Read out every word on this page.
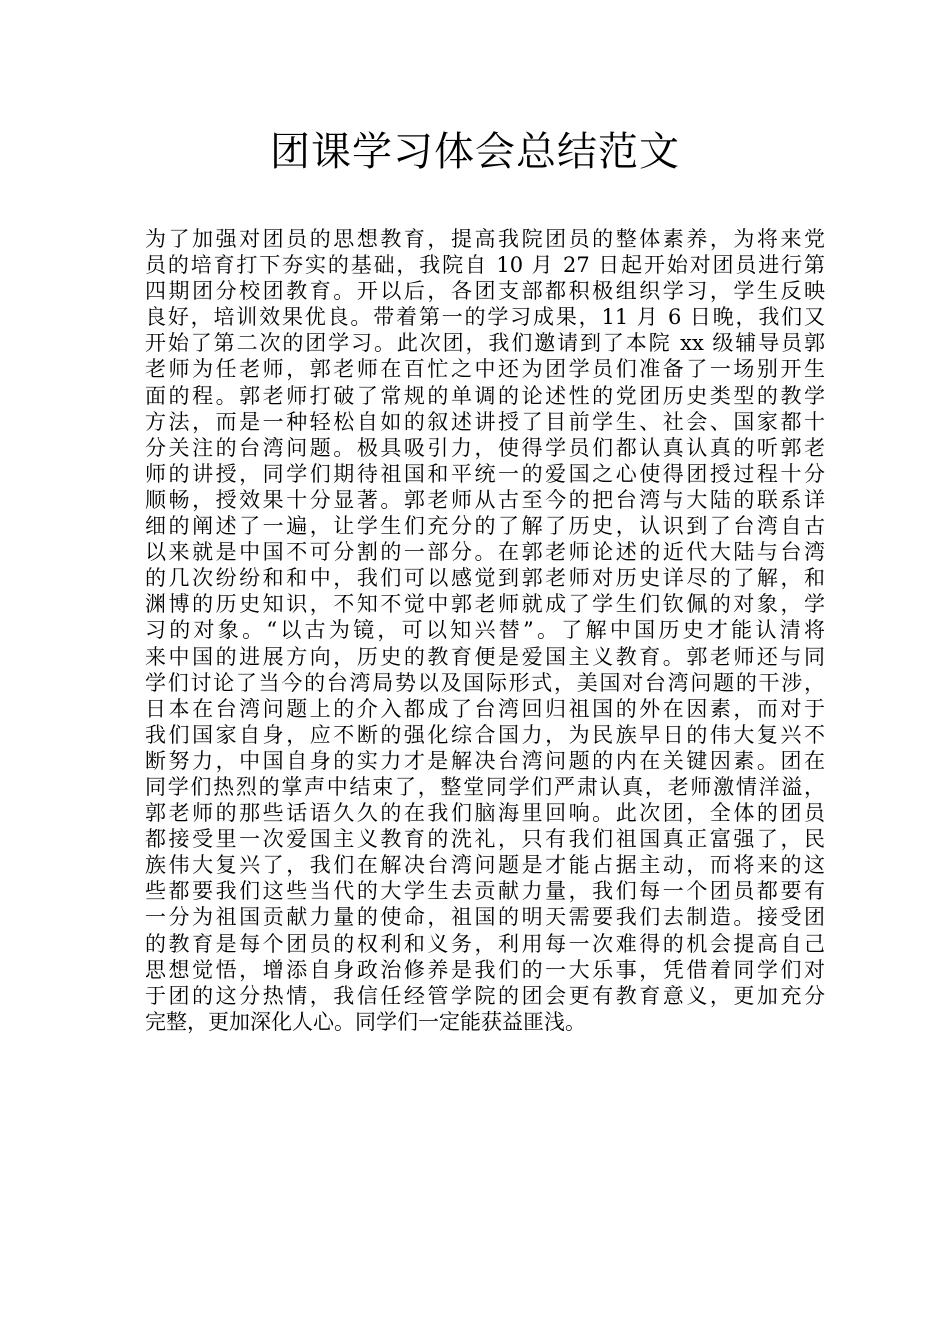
团课学习体会总结范文
为了加强对团员的思想教育，提高我院团员的整体素养，为将来党
员的培育打下夯实的基础，我院自 10 月 27 日起开始对团员进行第
四期团分校团教育。开以后，各团支部都积极组织学习，学生反映
良好，培训效果优良。带着第一的学习成果，11 月 6 日晚，我们又
开始了第二次的团学习。此次团，我们邀请到了本院 xx 级辅导员郭
老师为任老师，郭老师在百忙之中还为团学员们准备了一场别开生
面的程。郭老师打破了常规的单调的论述性的党团历史类型的教学
方法，而是一种轻松自如的叙述讲授了目前学生、社会、国家都十
分关注的台湾问题。极具吸引力，使得学员们都认真认真的听郭老
师的讲授，同学们期待祖国和平统一的爱国之心使得团授过程十分
顺畅，授效果十分显著。郭老师从古至今的把台湾与大陆的联系详
细的阐述了一遍，让学生们充分的了解了历史，认识到了台湾自古
以来就是中国不可分割的一部分。在郭老师论述的近代大陆与台湾
的几次纷纷和和中，我们可以感觉到郭老师对历史详尽的了解，和
渊博的历史知识，不知不觉中郭老师就成了学生们钦佩的对象，学
习的对象。“以古为镜，可以知兴替”。了解中国历史才能认清将
来中国的进展方向，历史的教育便是爱国主义教育。郭老师还与同
学们讨论了当今的台湾局势以及国际形式，美国对台湾问题的干涉，
日本在台湾问题上的介入都成了台湾回归祖国的外在因素，而对于
我们国家自身，应不断的强化综合国力，为民族早日的伟大复兴不
断努力，中国自身的实力才是解决台湾问题的内在关键因素。团在
同学们热烈的掌声中结束了，整堂同学们严肃认真，老师激情洋溢，
郭老师的那些话语久久的在我们脑海里回响。此次团，全体的团员
都接受里一次爱国主义教育的洗礼，只有我们祖国真正富强了，民
族伟大复兴了，我们在解决台湾问题是才能占据主动，而将来的这
些都要我们这些当代的大学生去贡献力量，我们每一个团员都要有
一分为祖国贡献力量的使命，祖国的明天需要我们去制造。接受团
的教育是每个团员的权利和义务，利用每一次难得的机会提高自己
思想觉悟，增添自身政治修养是我们的一大乐事，凭借着同学们对
于团的这分热情，我信任经管学院的团会更有教育意义，更加充分
完整，更加深化人心。同学们一定能获益匪浅。
